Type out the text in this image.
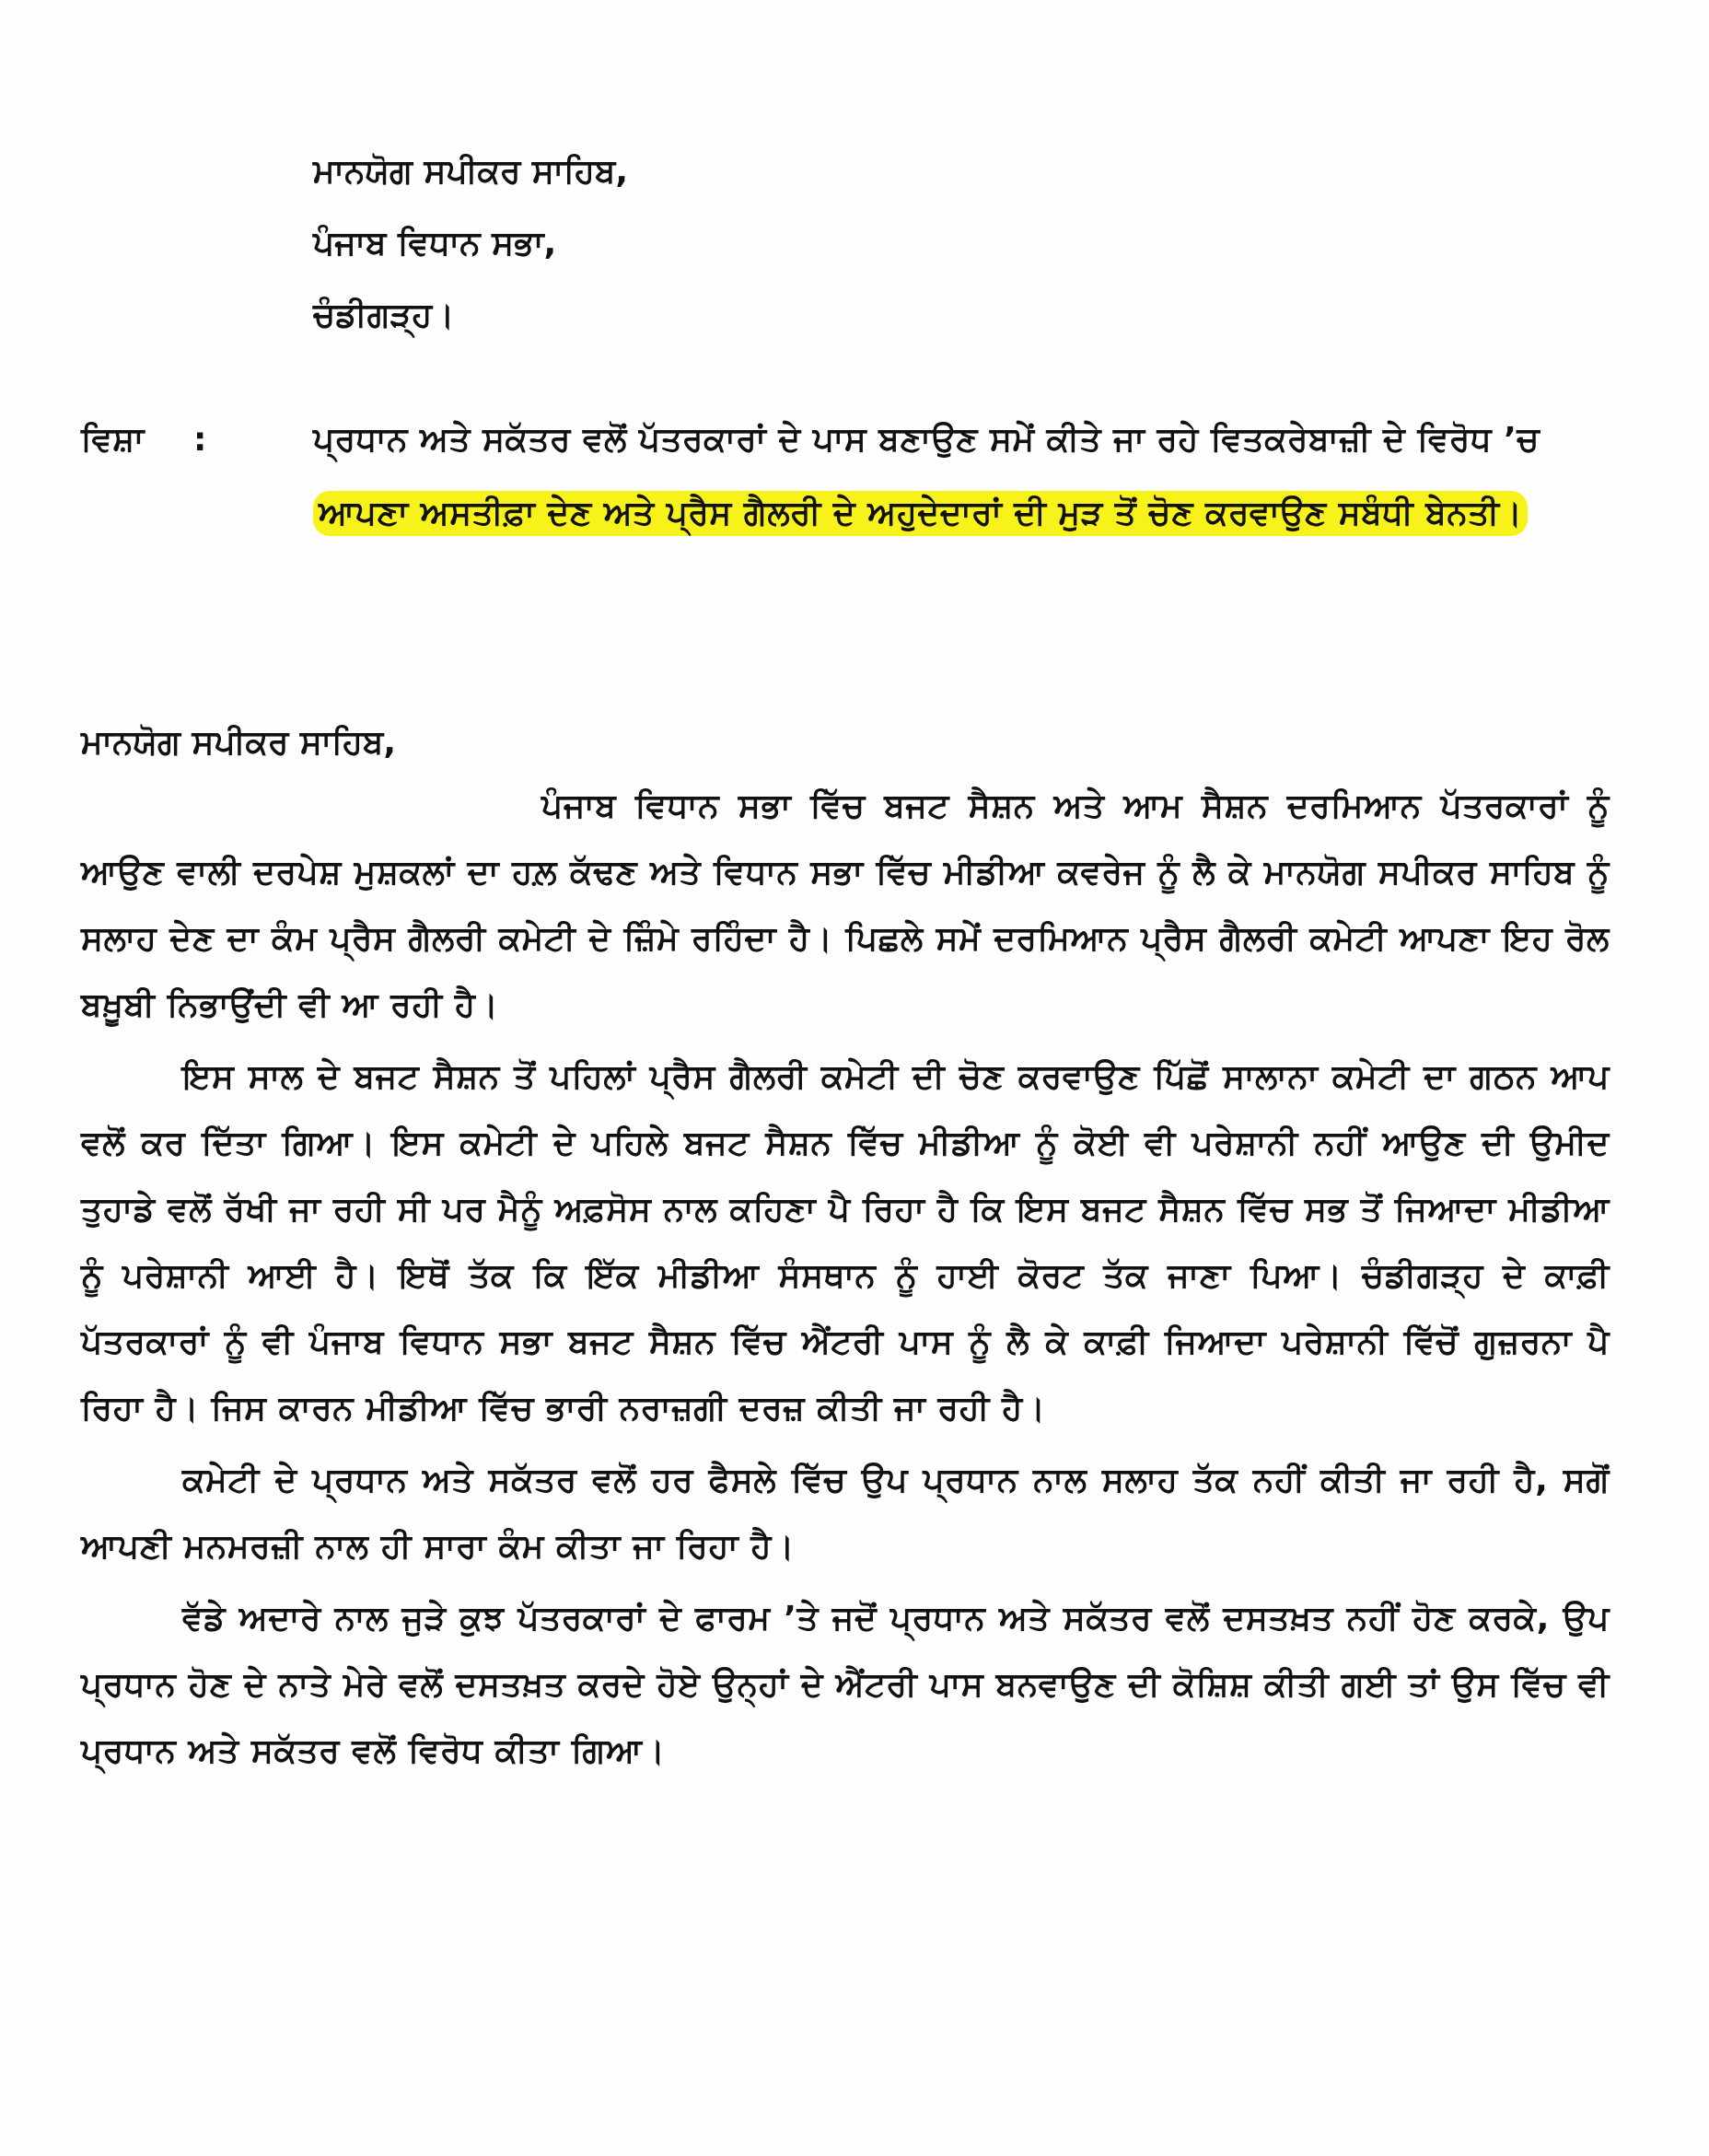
ਮਾਨਯੋਗ ਸਪੀਕਰ ਸਾਹਿਬ,
ਪੰਜਾਬ ਵਿਧਾਨ ਸਭਾ,
ਚੰਡੀਗੜ੍ਹ।
ਵਿਸ਼ਾ :	ਪ੍ਰਧਾਨ ਅਤੇ ਸਕੱਤਰ ਵਲੋਂ ਪੱਤਰਕਾਰਾਂ ਦੇ ਪਾਸ ਬਣਾਉਣ ਸਮੇਂ ਕੀਤੇ ਜਾ ਰਹੇ ਵਿਤਕਰੇਬਾਜ਼ੀ ਦੇ ਵਿਰੋਧ ’ਚ ਆਪਣਾ ਅਸਤੀਫ਼ਾ ਦੇਣ ਅਤੇ ਪ੍ਰੈਸ ਗੈਲਰੀ ਦੇ ਅਹੁਦੇਦਾਰਾਂ ਦੀ ਮੁੜ ਤੋਂ ਚੋਣ ਕਰਵਾਉਣ ਸਬੰਧੀ ਬੇਨਤੀ।
ਮਾਨਯੋਗ ਸਪੀਕਰ ਸਾਹਿਬ,

ਪੰਜਾਬ ਵਿਧਾਨ ਸਭਾ ਵਿੱਚ ਬਜਟ ਸੈਸ਼ਨ ਅਤੇ ਆਮ ਸੈਸ਼ਨ ਦਰਮਿਆਨ ਪੱਤਰਕਾਰਾਂ ਨੂੰ ਆਉਣ ਵਾਲੀ ਦਰਪੇਸ਼ ਮੁਸ਼ਕਲਾਂ ਦਾ ਹਲ਼ ਕੱਢਣ ਅਤੇ ਵਿਧਾਨ ਸਭਾ ਵਿੱਚ ਮੀਡੀਆ ਕਵਰੇਜ ਨੂੰ ਲੈ ਕੇ ਮਾਨਯੋਗ ਸਪੀਕਰ ਸਾਹਿਬ ਨੂੰ ਸਲਾਹ ਦੇਣ ਦਾ ਕੰਮ ਪ੍ਰੈਸ ਗੈਲਰੀ ਕਮੇਟੀ ਦੇ ਜ਼ਿੰਮੇ ਰਹਿੰਦਾ ਹੈ। ਪਿਛਲੇ ਸਮੇਂ ਦਰਮਿਆਨ ਪ੍ਰੈਸ ਗੈਲਰੀ ਕਮੇਟੀ ਆਪਣਾ ਇਹ ਰੋਲ ਬਖ਼ੂਬੀ ਨਿਭਾਉਂਦੀ ਵੀ ਆ ਰਹੀ ਹੈ।

ਇਸ ਸਾਲ ਦੇ ਬਜਟ ਸੈਸ਼ਨ ਤੋਂ ਪਹਿਲਾਂ ਪ੍ਰੈਸ ਗੈਲਰੀ ਕਮੇਟੀ ਦੀ ਚੋਣ ਕਰਵਾਉਣ ਪਿੱਛੋਂ ਸਾਲਾਨਾ ਕਮੇਟੀ ਦਾ ਗਠਨ ਆਪ ਵਲੋਂ ਕਰ ਦਿੱਤਾ ਗਿਆ। ਇਸ ਕਮੇਟੀ ਦੇ ਪਹਿਲੇ ਬਜਟ ਸੈਸ਼ਨ ਵਿੱਚ ਮੀਡੀਆ ਨੂੰ ਕੋਈ ਵੀ ਪਰੇਸ਼ਾਨੀ ਨਹੀਂ ਆਉਣ ਦੀ ਉਮੀਦ ਤੁਹਾਡੇ ਵਲੋਂ ਰੱਖੀ ਜਾ ਰਹੀ ਸੀ ਪਰ ਮੈਨੂੰ ਅਫ਼ਸੋਸ ਨਾਲ ਕਹਿਣਾ ਪੈ ਰਿਹਾ ਹੈ ਕਿ ਇਸ ਬਜਟ ਸੈਸ਼ਨ ਵਿੱਚ ਸਭ ਤੋਂ ਜਿਆਦਾ ਮੀਡੀਆ ਨੂੰ ਪਰੇਸ਼ਾਨੀ ਆਈ ਹੈ। ਇਥੋਂ ਤੱਕ ਕਿ ਇੱਕ ਮੀਡੀਆ ਸੰਸਥਾਨ ਨੂੰ ਹਾਈ ਕੋਰਟ ਤੱਕ ਜਾਣਾ ਪਿਆ। ਚੰਡੀਗੜ੍ਹ ਦੇ ਕਾਫ਼ੀ ਪੱਤਰਕਾਰਾਂ ਨੂੰ ਵੀ ਪੰਜਾਬ ਵਿਧਾਨ ਸਭਾ ਬਜਟ ਸੈਸ਼ਨ ਵਿੱਚ ਐਂਟਰੀ ਪਾਸ ਨੂੰ ਲੈ ਕੇ ਕਾਫ਼ੀ ਜਿਆਦਾ ਪਰੇਸ਼ਾਨੀ ਵਿੱਚੋਂ ਗੁਜ਼ਰਨਾ ਪੈ ਰਿਹਾ ਹੈ। ਜਿਸ ਕਾਰਨ ਮੀਡੀਆ ਵਿੱਚ ਭਾਰੀ ਨਰਾਜ਼ਗੀ ਦਰਜ਼ ਕੀਤੀ ਜਾ ਰਹੀ ਹੈ।

ਕਮੇਟੀ ਦੇ ਪ੍ਰਧਾਨ ਅਤੇ ਸਕੱਤਰ ਵਲੋਂ ਹਰ ਫੈਸਲੇ ਵਿੱਚ ਉਪ ਪ੍ਰਧਾਨ ਨਾਲ ਸਲਾਹ ਤੱਕ ਨਹੀਂ ਕੀਤੀ ਜਾ ਰਹੀ ਹੈ, ਸਗੋਂ ਆਪਣੀ ਮਨਮਰਜ਼ੀ ਨਾਲ ਹੀ ਸਾਰਾ ਕੰਮ ਕੀਤਾ ਜਾ ਰਿਹਾ ਹੈ।

ਵੱਡੇ ਅਦਾਰੇ ਨਾਲ ਜੁੜੇ ਕੁਝ ਪੱਤਰਕਾਰਾਂ ਦੇ ਫਾਰਮ ’ਤੇ ਜਦੋਂ ਪ੍ਰਧਾਨ ਅਤੇ ਸਕੱਤਰ ਵਲੋਂ ਦਸਤਖ਼ਤ ਨਹੀਂ ਹੋਣ ਕਰਕੇ, ਉਪ ਪ੍ਰਧਾਨ ਹੋਣ ਦੇ ਨਾਤੇ ਮੇਰੇ ਵਲੋਂ ਦਸਤਖ਼ਤ ਕਰਦੇ ਹੋਏ ਉਨ੍ਹਾਂ ਦੇ ਐਂਟਰੀ ਪਾਸ ਬਨਵਾਉਣ ਦੀ ਕੋਸ਼ਿਸ਼ ਕੀਤੀ ਗਈ ਤਾਂ ਉਸ ਵਿੱਚ ਵੀ ਪ੍ਰਧਾਨ ਅਤੇ ਸਕੱਤਰ ਵਲੋਂ ਵਿਰੋਧ ਕੀਤਾ ਗਿਆ।
